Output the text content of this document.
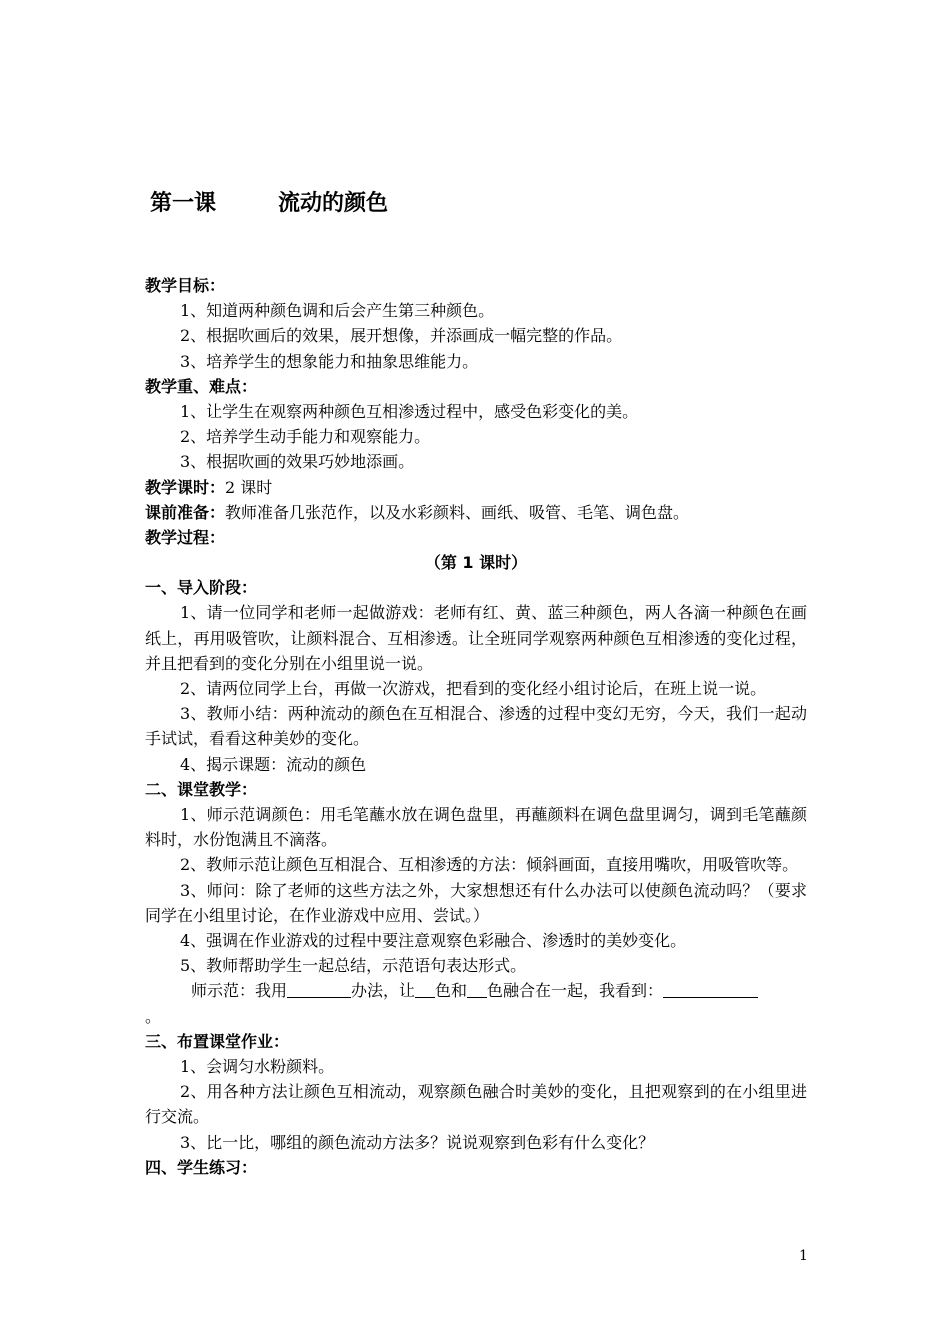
第一课	流动的颜色
教学目标：
1、知道两种颜色调和后会产生第三种颜色。
2、根据吹画后的效果，展开想像，并添画成一幅完整的作品。
3、培养学生的想象能力和抽象思维能力。
教学重、难点：
1、让学生在观察两种颜色互相渗透过程中，感受色彩变化的美。
2、培养学生动手能力和观察能力。
3、根据吹画的效果巧妙地添画。
教学课时：2 课时
课前准备：教师准备几张范作，以及水彩颜料、画纸、吸管、毛笔、调色盘。
教学过程：
（第 1 课时）
一、导入阶段：
1、请一位同学和老师一起做游戏：老师有红、黄、蓝三种颜色，两人各滴一种颜色在画纸上，再用吸管吹，让颜料混合、互相渗透。让全班同学观察两种颜色互相渗透的变化过程，并且把看到的变化分别在小组里说一说。
2、请两位同学上台，再做一次游戏，把看到的变化经小组讨论后，在班上说一说。
3、教师小结：两种流动的颜色在互相混合、渗透的过程中变幻无穷，今天，我们一起动手试试，看看这种美妙的变化。
4、揭示课题：流动的颜色
二、课堂教学：
1、师示范调颜色：用毛笔蘸水放在调色盘里，再蘸颜料在调色盘里调匀，调到毛笔蘸颜料时，水份饱满且不滴落。
2、教师示范让颜色互相混合、互相渗透的方法：倾斜画面，直接用嘴吹，用吸管吹等。
3、师问：除了老师的这些方法之外，大家想想还有什么办法可以使颜色流动吗？（要求同学在小组里讨论，在作业游戏中应用、尝试。）
4、强调在作业游戏的过程中要注意观察色彩融合、渗透时的美妙变化。
5、教师帮助学生一起总结，示范语句表达形式。
师示范：我用	办法，让 色和 色融合在一起，我看到：
。
三、布置课堂作业：
1、会调匀水粉颜料。
2、用各种方法让颜色互相流动，观察颜色融合时美妙的变化，且把观察到的在小组里进行交流。
3、比一比，哪组的颜色流动方法多？说说观察到色彩有什么变化？
四、学生练习：
1
